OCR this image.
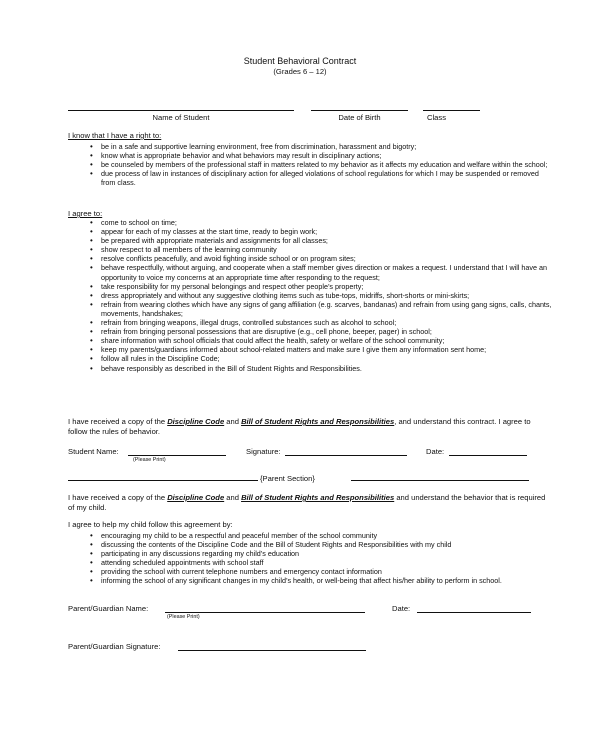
Student Behavioral Contract
(Grades 6 – 12)
Name of Student	Date of Birth	Class
I know that I have a right to:
• be in a safe and supportive learning environment, free from discrimination, harassment and bigotry;
• know what is appropriate behavior and what behaviors may result in disciplinary actions;
• be counseled by members of the professional staff in matters related to my behavior as it affects my education and welfare within the school;
• due process of law in instances of disciplinary action for alleged violations of school regulations for which I may be suspended or removed from class.
I agree to:
• come to school on time;
• appear for each of my classes at the start time, ready to begin work;
• be prepared with appropriate materials and assignments for all classes;
• show respect to all members of the learning community
• resolve conflicts peacefully, and avoid fighting inside school or on program sites;
• behave respectfully, without arguing, and cooperate when a staff member gives direction or makes a request. I understand that I will have an opportunity to voice my concerns at an appropriate time after responding to the request;
• take responsibility for my personal belongings and respect other people’s property;
• dress appropriately and without any suggestive clothing items such as tube-tops, midriffs, short-shorts or mini-skirts;
• refrain from wearing clothes which have any signs of gang affiliation (e.g. scarves, bandanas) and refrain from using gang signs, calls, chants, movements, handshakes;
• refrain from bringing weapons, illegal drugs, controlled substances such as alcohol to school;
• refrain from bringing personal possessions that are disruptive (e.g., cell phone, beeper, pager) in school;
• share information with school officials that could affect the health, safety or welfare of the school community;
• keep my parents/guardians informed about school-related matters and make sure I give them any information sent home;
• follow all rules in the Discipline Code;
• behave responsibly as described in the Bill of Student Rights and Responsibilities.
I have received a copy of the Discipline Code and Bill of Student Rights and Responsibilities, and understand this contract. I agree to follow the rules of behavior.
Student Name:
(Please Print)
Signature:	Date:
{Parent Section}
I have received a copy of the Discipline Code and Bill of Student Rights and Responsibilities and understand the behavior that is required of my child.
I agree to help my child follow this agreement by:
• encouraging my child to be a respectful and peaceful member of the school community
• discussing the contents of the Discipline Code and the Bill of Student Rights and Responsibilities with my child
• participating in any discussions regarding my child’s education
• attending scheduled appointments with school staff
• providing the school with current telephone numbers and emergency contact information
• informing the school of any significant changes in my child’s health, or well-being that affect his/her ability to perform in school.
Parent/Guardian Name:
(Please Print)
Date:
Parent/Guardian Signature:
